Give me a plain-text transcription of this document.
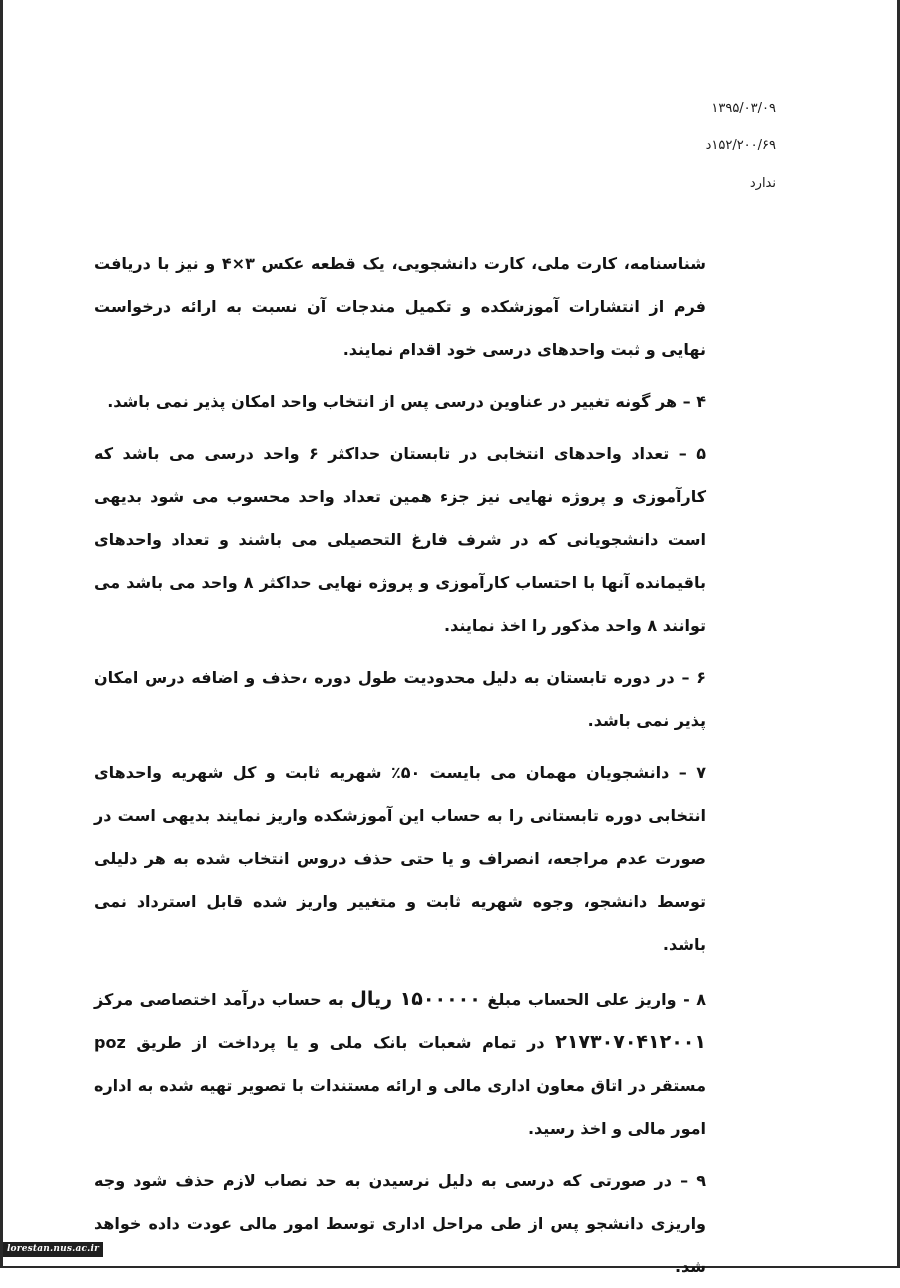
۱۳۹۵/۰۳/۰۹
۱۵۲/۲۰۰/۶۹د
ندارد

شناسنامه، کارت ملی، کارت دانشجویی، یک قطعه عکس ۳×۴ و نیز با دریافت فرم از انتشارات آموزشکده و تکمیل مندجات آن نسبت به ارائه درخواست نهایی و ثبت واحدهای درسی خود اقدام نمایند.

۴ – هر گونه تغییر در عناوین درسی پس از انتخاب واحد امکان پذیر نمی باشد.

۵ – تعداد واحدهای انتخابی در تابستان حداکثر ۶ واحد درسی می باشد که کارآموزی و پروژه نهایی نیز جزء همین تعداد واحد محسوب می شود بدیهی است دانشجویانی که در شرف فارغ التحصیلی می باشند و تعداد واحدهای باقیمانده آنها با احتساب کارآموزی و پروژه نهایی حداکثر ۸ واحد می باشد می توانند ۸ واحد مذکور را اخذ نمایند.

۶ – در دوره تابستان به دلیل محدودیت طول دوره ،حذف و اضافه درس امکان پذیر نمی باشد.

۷ – دانشجویان مهمان می بایست ۵۰٪ شهریه ثابت و کل شهریه واحدهای انتخابی دوره تابستانی را به حساب این آموزشکده واریز نمایند بدیهی است در صورت عدم مراجعه، انصراف و یا حتی حذف دروس انتخاب شده به هر دلیلی توسط دانشجو، وجوه شهریه ثابت و متغییر واریز شده قابل استرداد نمی باشد.

۸ - واریز علی الحساب مبلغ ۱۵۰۰۰۰۰ ریال به حساب درآمد اختصاصی مرکز ۲۱۷۳۰۷۰۴۱۲۰۰۱ در تمام شعبات بانک ملی و یا پرداخت از طریق poz مستقر در اتاق معاون اداری مالی و ارائه مستندات با تصویر تهیه شده به اداره امور مالی و اخذ رسید.

۹ – در صورتی که درسی به دلیل نرسیدن به حد نصاب لازم حذف شود وجه واریزی دانشجو پس از طی مراحل اداری توسط امور مالی عودت داده خواهد شد.

lorestan.nus.ac.ir
